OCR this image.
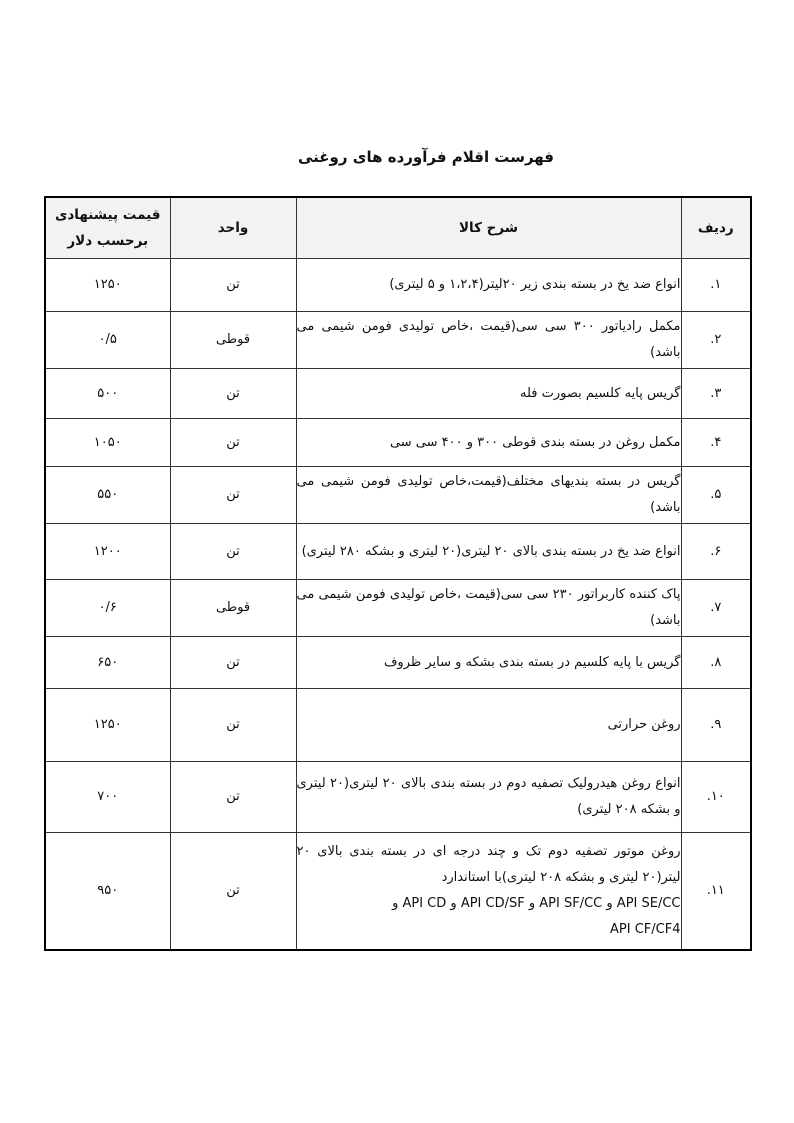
فهرست اقلام فرآورده های روغنی
ردیف	شرح کالا	واحد	قیمت پیشنهادی
برحسب دلار

۱.	انواع ضد یخ در بسته بندی زیر ۲۰لیتر(۱،۲،۴ و ۵ لیتری)	تن	۱۲۵۰
۲.	مکمل رادیاتور ۳۰۰ سی سی(قیمت ،خاص تولیدی فومن شیمی می باشد)	قوطی	۰/۵
۳.	گریس پایه کلسیم بصورت فله	تن	۵۰۰
۴.	مکمل روغن در بسته بندی قوطی ۳۰۰ و ۴۰۰ سی سی	تن	۱۰۵۰
۵.	گریس در بسته بندیهای مختلف(قیمت،خاص تولیدی فومن شیمی می باشد)	تن	۵۵۰
۶.	انواع ضد یخ در بسته بندی بالای ۲۰ لیتری(۲۰ لیتری و بشکه ۲۸۰ لیتری)	تن	۱۲۰۰
۷.	پاک کننده کاربراتور ۲۳۰ سی سی(قیمت ،خاص تولیدی فومن شیمی می باشد)	قوطی	۰/۶
۸.	گریس با پایه کلسیم در بسته بندی بشکه و سایر ظروف	تن	۶۵۰
۹.	روغن حرارتی	تن	۱۲۵۰
۱۰.	انواع روغن هیدرولیک تصفیه دوم در بسته بندی بالای ۲۰ لیتری(۲۰ لیتری و بشکه ۲۰۸ لیتری)	تن	۷۰۰
۱۱.	روغن موتور تصفیه دوم تک و چند درجه ای در بسته بندی بالای ۲۰ لیتر(۲۰ لیتری و بشکه ۲۰۸ لیتری)با استاندارد
API SE/CC و API SF/CC و API CD/SF و API CD و
API CF/CF4	تن	۹۵۰
